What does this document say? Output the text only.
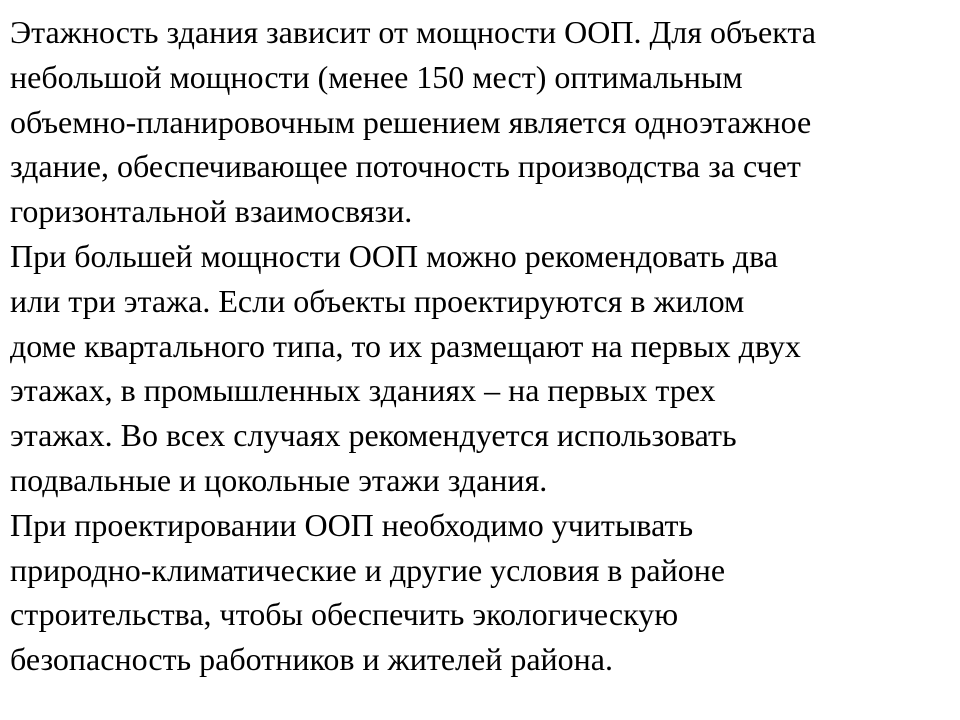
Этажность здания зависит от мощности ООП. Для объекта
небольшой мощности (менее 150 мест) оптимальным
объемно-планировочным решением является одноэтажное
здание, обеспечивающее поточность производства за счет
горизонтальной взаимосвязи.
При большей мощности ООП можно рекомендовать два
или три этажа. Если объекты проектируются в жилом
доме квартального типа, то их размещают на первых двух
этажах, в промышленных зданиях – на первых трех
этажах. Во всех случаях рекомендуется использовать
подвальные и цокольные этажи здания.
При проектировании ООП необходимо учитывать
природно-климатические и другие условия в районе
строительства, чтобы обеспечить экологическую
безопасность работников и жителей района.
